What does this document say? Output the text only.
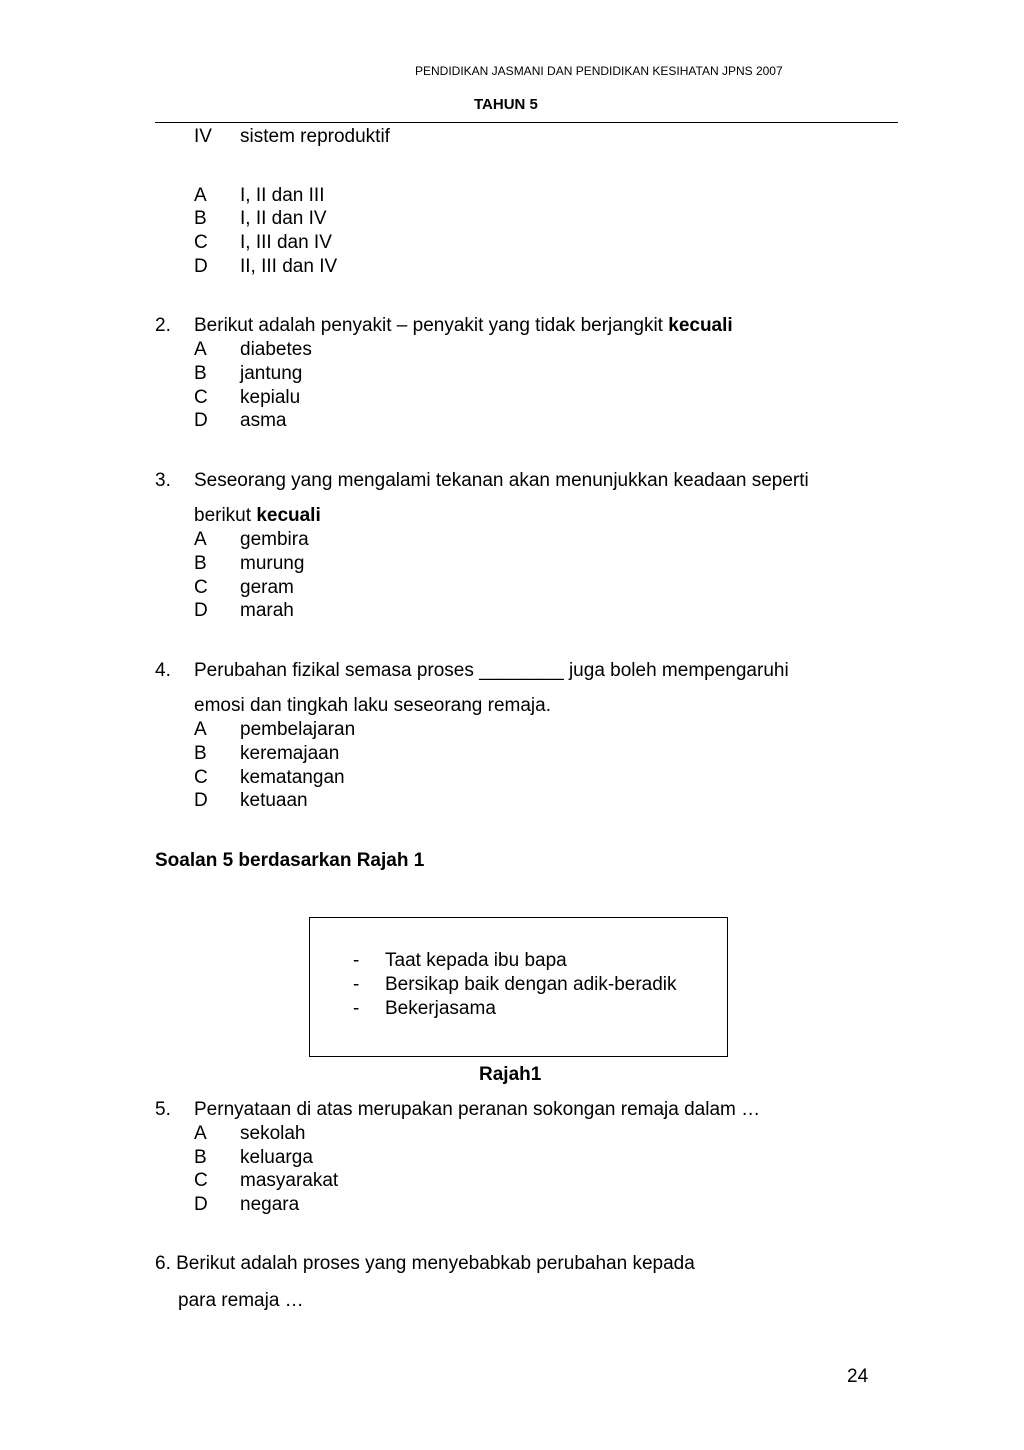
PENDIDIKAN JASMANI DAN PENDIDIKAN KESIHATAN JPNS 2007
TAHUN 5
IV sistem reproduktif
A I, II dan III
B I, II dan IV
C I, III dan IV
D II, III dan IV
2. Berikut adalah penyakit – penyakit yang tidak berjangkit kecuali
A diabetes
B jantung
C kepialu
D asma
3. Seseorang yang mengalami tekanan akan menunjukkan keadaan seperti
berikut kecuali
A gembira
B murung
C geram
D marah
4. Perubahan fizikal semasa proses ________ juga boleh mempengaruhi
emosi dan tingkah laku seseorang remaja.
A pembelajaran
B keremajaan
C kematangan
D ketuaan
Soalan 5 berdasarkan Rajah 1
- Taat kepada ibu bapa
- Bersikap baik dengan adik-beradik
- Bekerjasama
Rajah1
5. Pernyataan di atas merupakan peranan sokongan remaja dalam …
A sekolah
B keluarga
C masyarakat
D negara
6. Berikut adalah proses yang menyebabkab perubahan kepada
para remaja …
24
